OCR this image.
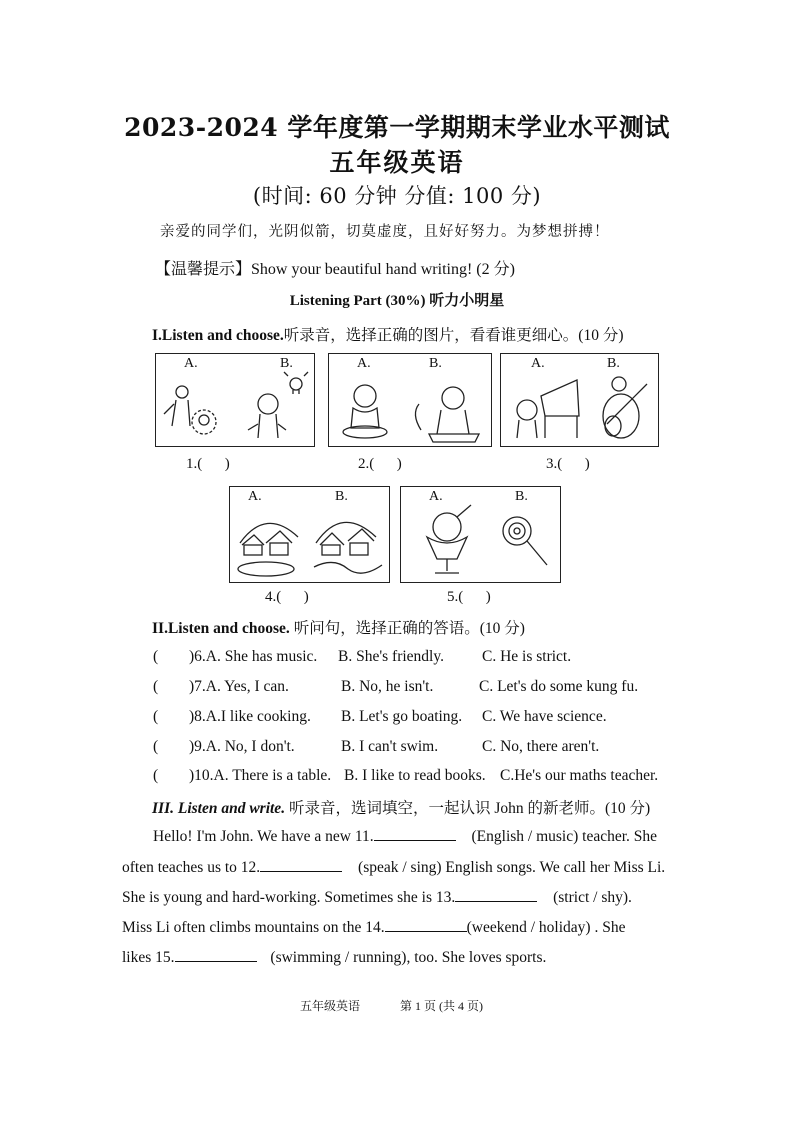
2023-2024 学年度第一学期期末学业水平测试
五年级英语
(时间: 60 分钟 分值: 100 分)
亲爱的同学们，光阴似箭，切莫虚度，且好好努力。为梦想拼搏！
【温馨提示】Show your beautiful hand writing! (2 分)
Listening Part (30%) 听力小明星
I.Listen and choose.听录音，选择正确的图片，看看谁更细心。(10 分)
A.	B.	A.	B.	A.	B.
1.(      )	2.(      )	3.(      )
A.	B.	A.	B.
4.(      )	5.(      )
II.Listen and choose. 听问句，选择正确的答语。(10 分)
( )6.A. She has music. B. She's friendly. C. He is strict.
( )7.A. Yes, I can.	B. No, he isn't.	C. Let's do some kung fu.
( )8.A.I like cooking. B. Let's go boating. C. We have science.
( )9.A. No, I don't.	B. I can't swim.	C. No, there aren't.
( )10.A. There is a table. B. I like to read books. C.He's our maths teacher.
III. Listen and write. 听录音，选词填空，一起认识 John 的新老师。(10 分)
Hello! I'm John. We have a new 11.	(English / music) teacher. She
often teaches us to 12.	(speak / sing) English songs. We call her Miss Li.
She is young and hard-working. Sometimes she is 13.	(strict / shy).
Miss Li often climbs mountains on the 14.	(weekend / holiday) . She
likes 15.	(swimming / running), too. She loves sports.
五年级英语	第 1 页 (共 4 页)
